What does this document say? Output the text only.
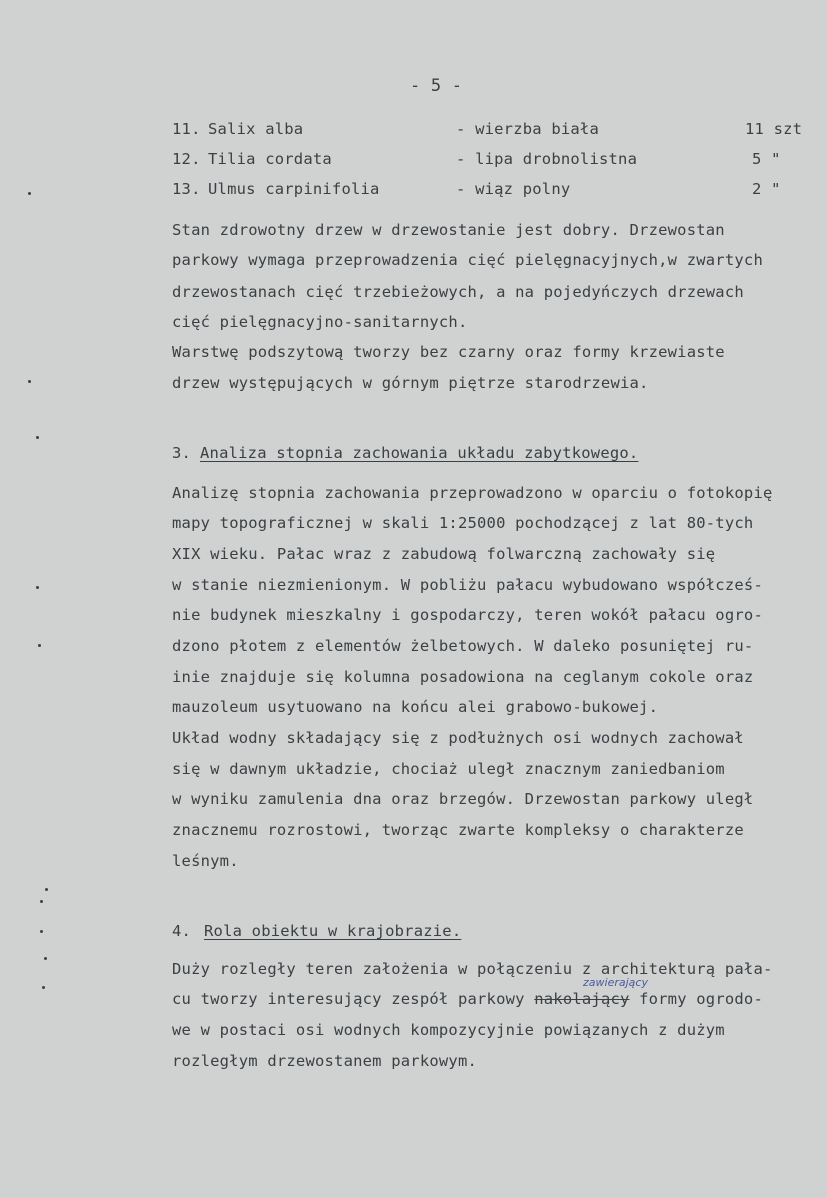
- 5 -
11. Salix alba	- wierzba biała	11 szt
12. Tilia cordata	- lipa drobnolistna	5 "
13. Ulmus carpinifolia	- wiąz polny	2 "
Stan zdrowotny drzew w drzewostanie jest dobry. Drzewostan
parkowy wymaga przeprowadzenia cięć pielęgnacyjnych,w zwartych
drzewostanach cięć trzebieżowych, a na pojedyńczych drzewach
cięć pielęgnacyjno-sanitarnych.
Warstwę podszytową tworzy bez czarny oraz formy krzewiaste
drzew występujących w górnym piętrze starodrzewia.
3. Analiza stopnia zachowania układu zabytkowego.
Analizę stopnia zachowania przeprowadzono w oparciu o fotokopię
mapy topograficznej w skali 1:25000 pochodzącej z lat 80-tych
XIX wieku. Pałac wraz z zabudową folwarczną zachowały się
w stanie niezmienionym. W pobliżu pałacu wybudowano współcześ-
nie budynek mieszkalny i gospodarczy, teren wokół pałacu ogro-
dzono płotem z elementów żelbetowych. W daleko posuniętej ru-
inie znajduje się kolumna posadowiona na ceglanym cokole oraz
mauzoleum usytuowano na końcu alei grabowo-bukowej.
Układ wodny składający się z podłużnych osi wodnych zachował
się w dawnym układzie, chociaż uległ znacznym zaniedbaniom
w wyniku zamulenia dna oraz brzegów. Drzewostan parkowy uległ
znacznemu rozrostowi, tworząc zwarte kompleksy o charakterze
leśnym.
4. Rola obiektu w krajobrazie.
Duży rozległy teren założenia w połączeniu z architekturą pała-
cu tworzy interesujący zespół parkowy nakolający formy ogrodo-
zawierający
we w postaci osi wodnych kompozycyjnie powiązanych z dużym
rozległym drzewostanem parkowym.
